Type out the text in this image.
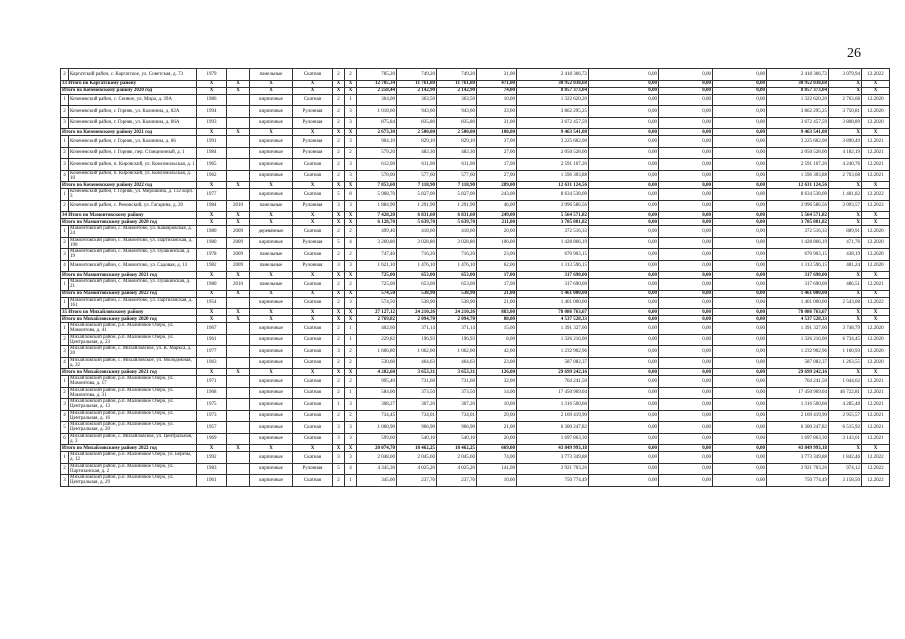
26
2	Каргатский район, с. Каргатское, ул. Советская, д. 73	1979		панельные	Скатная	2	2	785,20	749,20	749,20	31,00	2 418 366,72	0,00	0,00	0,00	2 418 366,72	3 079,94	12.2022
33 Итого по Каргатскому району		X	X	X	X	X	X	12 785,34	11 761,80	11 761,80	471,00	30 952 038,68	0,00	0,00	0,00	30 952 038,68	X	X
Итого по Коченевскому району 2020 год		X	X	X	X	X	X	2 258,44	2 142,90	2 142,90	74,00	8 857 373,04	0,00	0,00	0,00	8 857 373,04	X	X
1	Коченевский район, с. Сенное, ул. Мира, д. 39А	1986		кирпичные	Скатная	2	1	364,00	363,50	363,50	10,00	1 322 620,20	0,00	0,00	0,00	1 322 620,20	2 763,68	12.2020
2	Коченевский район, г. Горняк, ул. Калинина, д. 82А	1994		кирпичные	Рулонная	2	3	1 018,60	943,60	943,60	33,00	3 862 295,25	0,00	0,00	0,00	3 862 295,25	3 750,81	12.2020
3	Коченевский район, г. Горняк, ул. Калинина, д. 86А	1993		кирпичные	Рулонная	2	3	875,84	835,80	835,80	31,00	3 672 457,59	0,00	0,00	0,00	3 672 457,59	3 808,89	12.2020
Итого по Коченевскому району 2021 год		X	X	X	X	X	X	2 673,30	2 500,00	2 500,00	108,00	9 463 541,08	0,00	0,00	0,00	9 463 541,08	X	X
1	Коченевский район, г. Горняк, ул. Калинина, д. 86	1991		кирпичные	Рулонная	2	3	904,10	829,10	829,10	37,00	3 225 602,00	0,00	0,00	0,00	3 225 602,00	3 890,49	12.2021
2	Коченевский район, г. Горняк, пер. Станционный, д. 1	1984		кирпичные	Рулонная	2	2	579,20	482,30	482,30	27,00	2 050 528,00	0,00	0,00	0,00	2 050 528,00	4 182,19	12.2021
3	Коченевский район, п. Кировский, ул. Комсомольская, д. 1	1965		кирпичные	Скатная	2	3	612,00	611,00	611,00	17,00	2 591 107,20	0,00	0,00	0,00	2 591 107,20	4 240,76	12.2021
4	Коченевский район, п. Кировский, ул. Комсомольская, д. 10	1962		кирпичные	Скатная	2	3	578,00	577,60	577,60	27,00	1 596 303,88	0,00	0,00	0,00	1 596 303,88	2 763,68	12.2021
Итого по Коченевскому району 2022 год		X	X	X	X	X	X	7 853,60	7 118,90	7 118,90	289,00	12 631 124,56	0,00	0,00	0,00	12 631 124,56	X	X
1	Коченевский район, г. Горняк, ул. Мирошина, д. 132 корп. 3	1977		кирпичные	Скатная	5	8	5 968,70	5 827,00	5 827,00	243,00	8 634 538,00	0,00	0,00	0,00	8 634 538,00	1 481,82	12.2022
2	Коченевский район, с. Ремовский, ул. Гагарина, д. 20	1984	2010	панельные	Рулонная	3	3	1 884,90	1 291,90	1 291,90	46,00	3 996 586,56	0,00	0,00	0,00	3 996 586,56	3 093,57	12.2022
34 Итого по Мамонтовскому району		X	X	X	X	X	X	7 428,20	6 831,60	6 831,60	249,00	5 564 571,82	0,00	0,00	0,00	5 564 571,82	X	X
Итого по Мамонтовскому району 2020 год		X	X	X	X	X	X	6 128,70	5 639,70	5 639,70	211,00	3 785 881,82	0,00	0,00	0,00	3 785 881,82	X	X
1	Мамонтовский район, с. Мамонтово, ул. Кашировская, д. 24	1980	2009	деревянные	Скатная	2	2	499,40	418,60	418,60	20,00	372 516,33	0,00	0,00	0,00	372 516,33	889,91	12.2020
2	Мамонтовский район, с. Мамонтово, ул. Партизанская, д. 190	1980	2009	кирпичные	Рулонная	5	4	3 260,80	3 028,80	3 028,80	106,00	1 428 866,19	0,00	0,00	0,00	1 428 866,19	471,76	12.2020
3	Мамонтовский район, с. Мамонтово, ул. Пушкинская, д. 19	1978	2009	панельные	Скатная	2	2	747,40	716,20	716,20	23,00	670 903,15	0,00	0,00	0,00	670 903,15	438,19	12.2020
4	Мамонтовский район, с. Мамонтово, ул. Садовая, д. 13	1982	2009	панельные	Рулонная	3	3	1 621,10	1 476,10	1 476,10	62,00	1 313 596,15	0,00	0,00	0,00	1 313 596,15	481,24	12.2020
Итого по Мамонтовскому району 2021 год		X	X	X	X	X	X	725,00	653,00	653,00	17,00	317 690,00	0,00	0,00	0,00	317 690,00	X	X
1	Мамонтовский район, с. Мамонтово, ул. Пушкинская, д. 21	1980	2010	панельные	Скатная	2	2	725,00	653,00	653,00	17,00	317 690,00	0,00	0,00	0,00	317 690,00	486,51	12.2021
Итого по Мамонтовскому району 2022 год		X	X	X	X	X	X	574,50	538,90	538,90	21,00	1 461 000,00	0,00	0,00	0,00	1 461 000,00	X	X
1	Мамонтовский район, с. Мамонтово, ул. Партизанская, д. 161	1954		кирпичные	Скатная	2	3	574,50	538,90	538,90	21,00	1 461 000,00	0,00	0,00	0,00	1 461 000,00	2 543,08	12.2022
35 Итого по Михайловскому району		X	X	X	X	X	X	27 127,12	24 210,26	24 210,26	883,00	78 086 763,67	0,00	0,00	0,00	78 086 763,67	X	X
Итого по Михайловскому району 2020 год		X	X	X	X	X	X	2 769,82	2 094,70	2 094,70	88,00	4 537 528,33	0,00	0,00	0,00	4 537 528,33	X	X
1	Михайловский район, р.п. Малиновое Озеро, ул. Мамонтова, д. 41	1967		кирпичные	Скатная	2	1	402,60	371,14	371,14	15,00	1 391 327,00	0,00	0,00	0,00	1 391 327,00	3 748,79	12.2020
2	Михайловский район, р.п. Малиновое Озеро, ул. Центральная, д. 23	1961		кирпичные	Скатная	2	1	229,82	196,93	196,93	8,00	1 326 216,00	0,00	0,00	0,00	1 326 216,00	6 734,45	12.2020
3	Михайловский район, с. Михайловское, ул. К. Маркса, д. 20	1977		кирпичные	Скатная	3	2	1 606,80	1 062,00	1 062,00	42,00	1 232 902,96	0,00	0,00	0,00	1 232 902,96	1 160,93	12.2020
4	Михайловский район, с. Михайловское, ул. Молодежная, д. 32	1963		кирпичные	Скатная	2	2	530,60	464,63	464,63	23,00	587 082,37	0,00	0,00	0,00	587 082,37	1 263,55	12.2020
Итого по Михайловскому району 2021 год		X	X	X	X	X	X	4 282,60	3 653,31	3 653,31	126,00	29 699 242,16	0,00	0,00	0,00	29 699 242,16	X	X
1	Михайловский район, р.п. Малиновое Озеро, ул. Мамонтова, д. 17	1971		кирпичные	Скатная	2	2	995,40	731,60	731,60	32,00	764 241,50	0,00	0,00	0,00	764 241,50	1 044,62	12.2021
2	Михайловский район, р.п. Малиновое Озеро, ул. Мамонтова, д. 31	1968		кирпичные	Скатная	2	1	584,00	373,50	373,50	14,00	17 450 969,04	0,00	0,00	0,00	17 450 969,04	46 722,81	12.2021
3	Михайловский район, р.п. Малиновое Озеро, ул. Центральная, д. 13	1975		кирпичные	Скатная	1	3	308,27	307,20	307,20	10,00	1 316 500,60	0,00	0,00	0,00	1 316 500,60	4 285,48	12.2021
4	Михайловский район, р.п. Малиновое Озеро, ул. Центральная, д. 16	1973		кирпичные	Скатная	2	2	734,45	734,01	734,01	29,00	2 169 419,90	0,00	0,00	0,00	2 169 419,90	2 955,57	12.2021
5	Михайловский район, р.п. Малиновое Озеро, ул. Центральная, д. 20	1957		кирпичные	Скатная	3	3	1 060,90	966,90	966,90	21,00	6 300 247,82	0,00	0,00	0,00	6 300 247,82	6 515,92	12.2021
6	Михайловский район, с. Михайловское, ул. Центральная, д. 3	1969		кирпичные	Скатная	3	3	599,60	540,10	540,10	20,00	1 697 863,30	0,00	0,00	0,00	1 697 863,30	3 143,61	12.2021
Итого по Михайловскому району 2022 год		X	X	X	X	X	X	20 074,70	18 462,25	18 462,25	669,00	43 849 993,18	0,00	0,00	0,00	43 849 993,18	X	X
1	Михайловский район, р.п. Малиновое Озеро, ул. Березы, д. 12	1992		кирпичные	Скатная	3	3	2 048,00	2 045,60	2 045,60	74,00	3 773 349,88	0,00	0,00	0,00	3 773 349,88	1 842,46	12.2022
2	Михайловский район, р.п. Малиновое Озеро, ул. Партизанская, д. 2	1983		кирпичные	Рулонная	5	4	4 345,30	4 025,20	4 025,20	141,00	3 921 703,26	0,00	0,00	0,00	3 921 703,26	974,12	12.2022
3	Михайловский район, р.п. Малиновое Озеро, ул. Центральная, д. 29	1961		кирпичные	Скатная	2	1	345,00	237,70	237,70	10,00	750 774,49	0,00	0,00	0,00	750 774,49	3 158,50	12.2022
